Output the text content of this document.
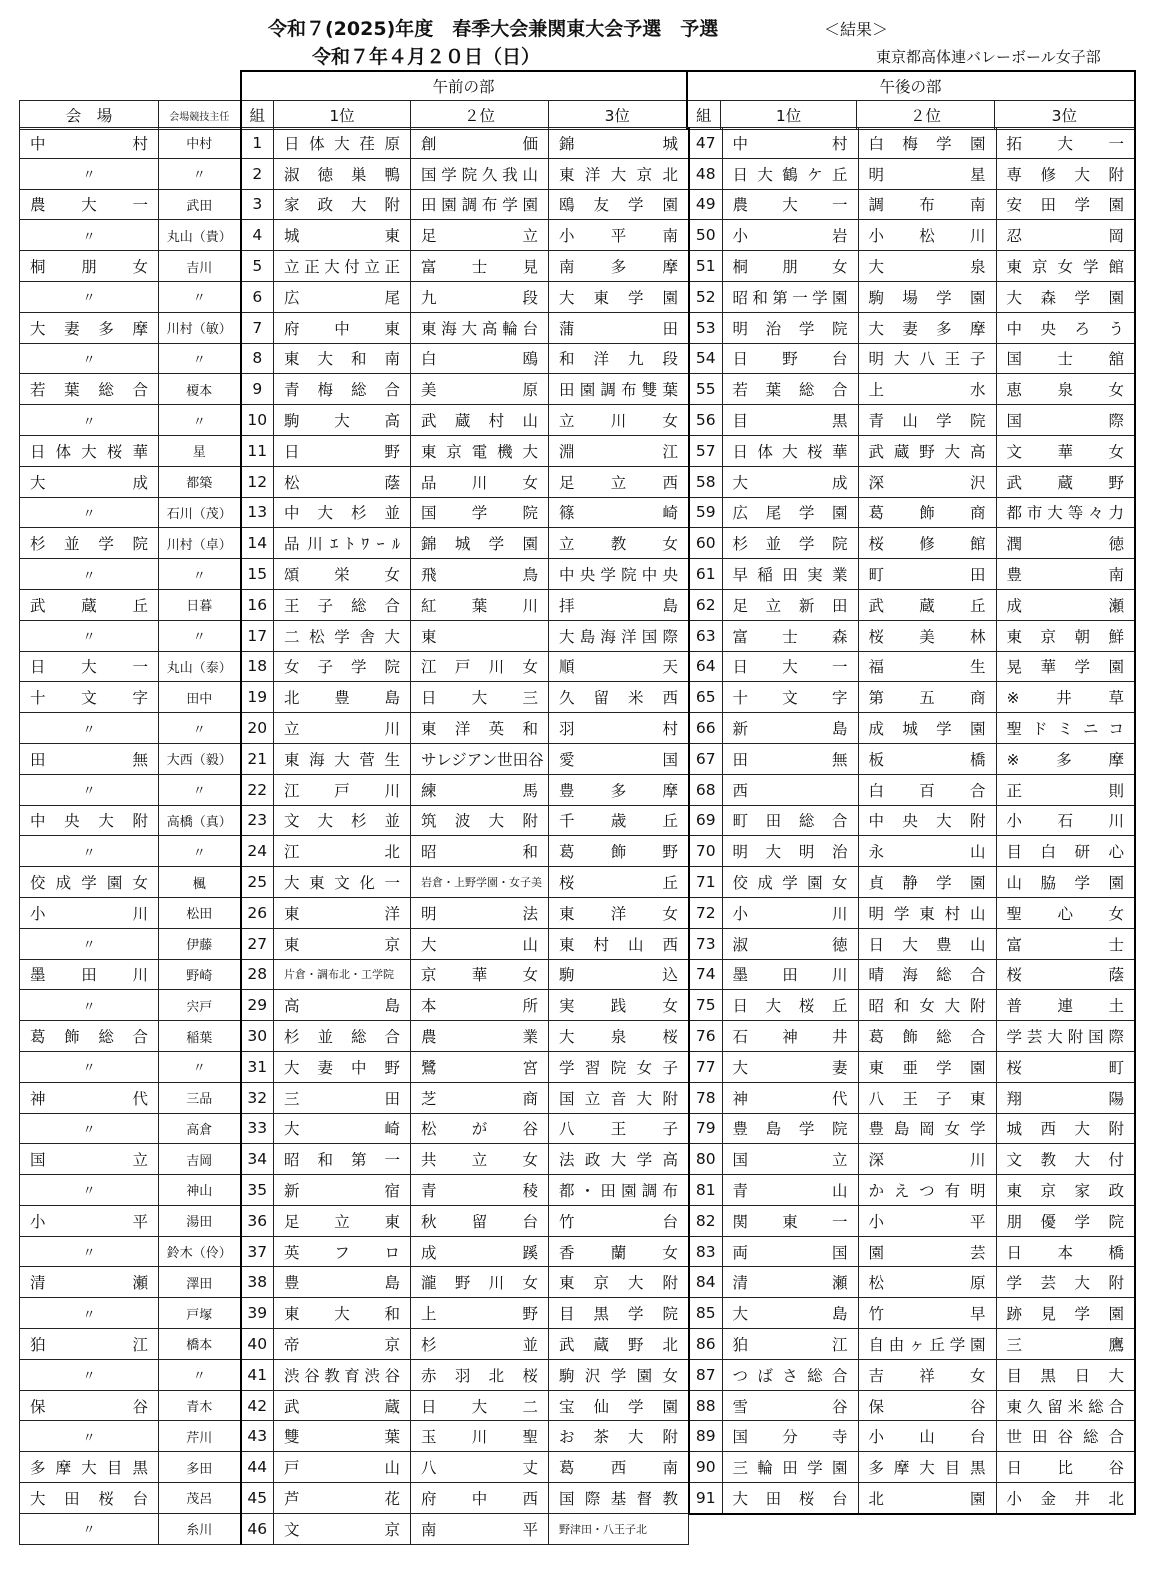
令和７(2025)年度　春季大会兼関東大会予選　予選	＜結果＞
令和７年４月２０日（日）	東京都高体連バレーボール女子部
		午前の部				午後の部			
会　場	会場競技主任	組	1位	２位	3位	組	1位	２位	3位
中村	中村	1	日体大荏原	創価	錦城
〃	〃	2	淑徳巣鴨	国学院久我山	東洋大京北
農大一	武田	3	家政大附	田園調布学園	鴎友学園
〃	丸山（貴）	4	城東	足立	小平南
桐朋女	吉川	5	立正大付立正	富士見	南多摩
〃	〃	6	広尾	九段	大東学園
大妻多摩	川村（敏）	7	府中東	東海大高輪台	蒲田
〃	〃	8	東大和南	白鴎	和洋九段
若葉総合	榎本	9	青梅総合	美原	田園調布雙葉
〃	〃	10	駒大高	武蔵村山	立川女
日体大桜華	星	11	日野	東京電機大	淵江
大成	都築	12	松蔭	品川女	足立西
〃	石川（茂）	13	中大杉並	国学院	篠崎
杉並学院	川村（卓）	14	品川ｴﾄﾜｰﾙ	錦城学園	立教女
〃	〃	15	頌栄女	飛鳥	中央学院中央
武蔵丘	日暮	16	王子総合	紅葉川	拝島
〃	〃	17	二松学舎大	東	大島海洋国際
日大一	丸山（泰）	18	女子学院	江戸川女	順天
十文字	田中	19	北豊島	日大三	久留米西
〃	〃	20	立川	東洋英和	羽村
田無	大西（毅）	21	東海大菅生	サレジアン世田谷	愛国
〃	〃	22	江戸川	練馬	豊多摩
中央大附	高橋（真）	23	文大杉並	筑波大附	千歳丘
〃	〃	24	江北	昭和	葛飾野
佼成学園女	楓	25	大東文化一	岩倉・上野学園・女子美	桜丘
小川	松田	26	東洋	明法	東洋女
〃	伊藤	27	東京	大山	東村山西
墨田川	野崎	28	片倉・調布北・工学院	京華女	駒込
〃	宍戸	29	高島	本所	実践女
葛飾総合	稲葉	30	杉並総合	農業	大泉桜
〃	〃	31	大妻中野	鷺宮	学習院女子
神代	三品	32	三田	芝商	国立音大附
〃	高倉	33	大崎	松が谷	八王子
国立	吉岡	34	昭和第一	共立女	法政大学高
〃	神山	35	新宿	青稜	都・田園調布
小平	湯田	36	足立東	秋留台	竹台
〃	鈴木（伶）	37	英フロ	成蹊	香蘭女
清瀬	澤田	38	豊島	瀧野川女	東京大附
〃	戸塚	39	東大和	上野	目黒学院
狛江	橋本	40	帝京	杉並	武蔵野北
〃	〃	41	渋谷教育渋谷	赤羽北桜	駒沢学園女
保谷	青木	42	武蔵	日大二	宝仙学園
〃	芹川	43	雙葉	玉川聖	お茶大附
多摩大目黒	多田	44	戸山	八丈	葛西南
大田桜台	茂呂	45	芦花	府中西	国際基督教
〃	糸川	46	文京	南平	野津田・八王子北
47	中村	白梅学園	拓大一
48	日大鶴ケ丘	明星	専修大附
49	農大一	調布南	安田学園
50	小岩	小松川	忍岡
51	桐朋女	大泉	東京女学館
52	昭和第一学園	駒場学園	大森学園
53	明治学院	大妻多摩	中央ろう
54	日野台	明大八王子	国士舘
55	若葉総合	上水	恵泉女
56	目黒	青山学院	国際
57	日体大桜華	武蔵野大高	文華女
58	大成	深沢	武蔵野
59	広尾学園	葛飾商	都市大等々力
60	杉並学院	桜修館	潤徳
61	早稲田実業	町田	豊南
62	足立新田	武蔵丘	成瀬
63	富士森	桜美林	東京朝鮮
64	日大一	福生	晃華学園
65	十文字	第五商	※井草
66	新島	成城学園	聖ドミニコ
67	田無	板橋	※多摩
68	西	白百合	正則
69	町田総合	中央大附	小石川
70	明大明治	永山	目白研心
71	佼成学園女	貞静学園	山脇学園
72	小川	明学東村山	聖心女
73	淑徳	日大豊山	富士
74	墨田川	晴海総合	桜蔭
75	日大桜丘	昭和女大附	普連土
76	石神井	葛飾総合	学芸大附国際
77	大妻	東亜学園	桜町
78	神代	八王子東	翔陽
79	豊島学院	豊島岡女学	城西大附
80	国立	深川	文教大付
81	青山	かえつ有明	東京家政
82	関東一	小平	朋優学院
83	両国	園芸	日本橋
84	清瀬	松原	学芸大附
85	大島	竹早	跡見学園
86	狛江	自由ヶ丘学園	三鷹
87	つばさ総合	吉祥女	目黒日大
88	雪谷	保谷	東久留米総合
89	国分寺	小山台	世田谷総合
90	三輪田学園	多摩大目黒	日比谷
91	大田桜台	北園	小金井北
